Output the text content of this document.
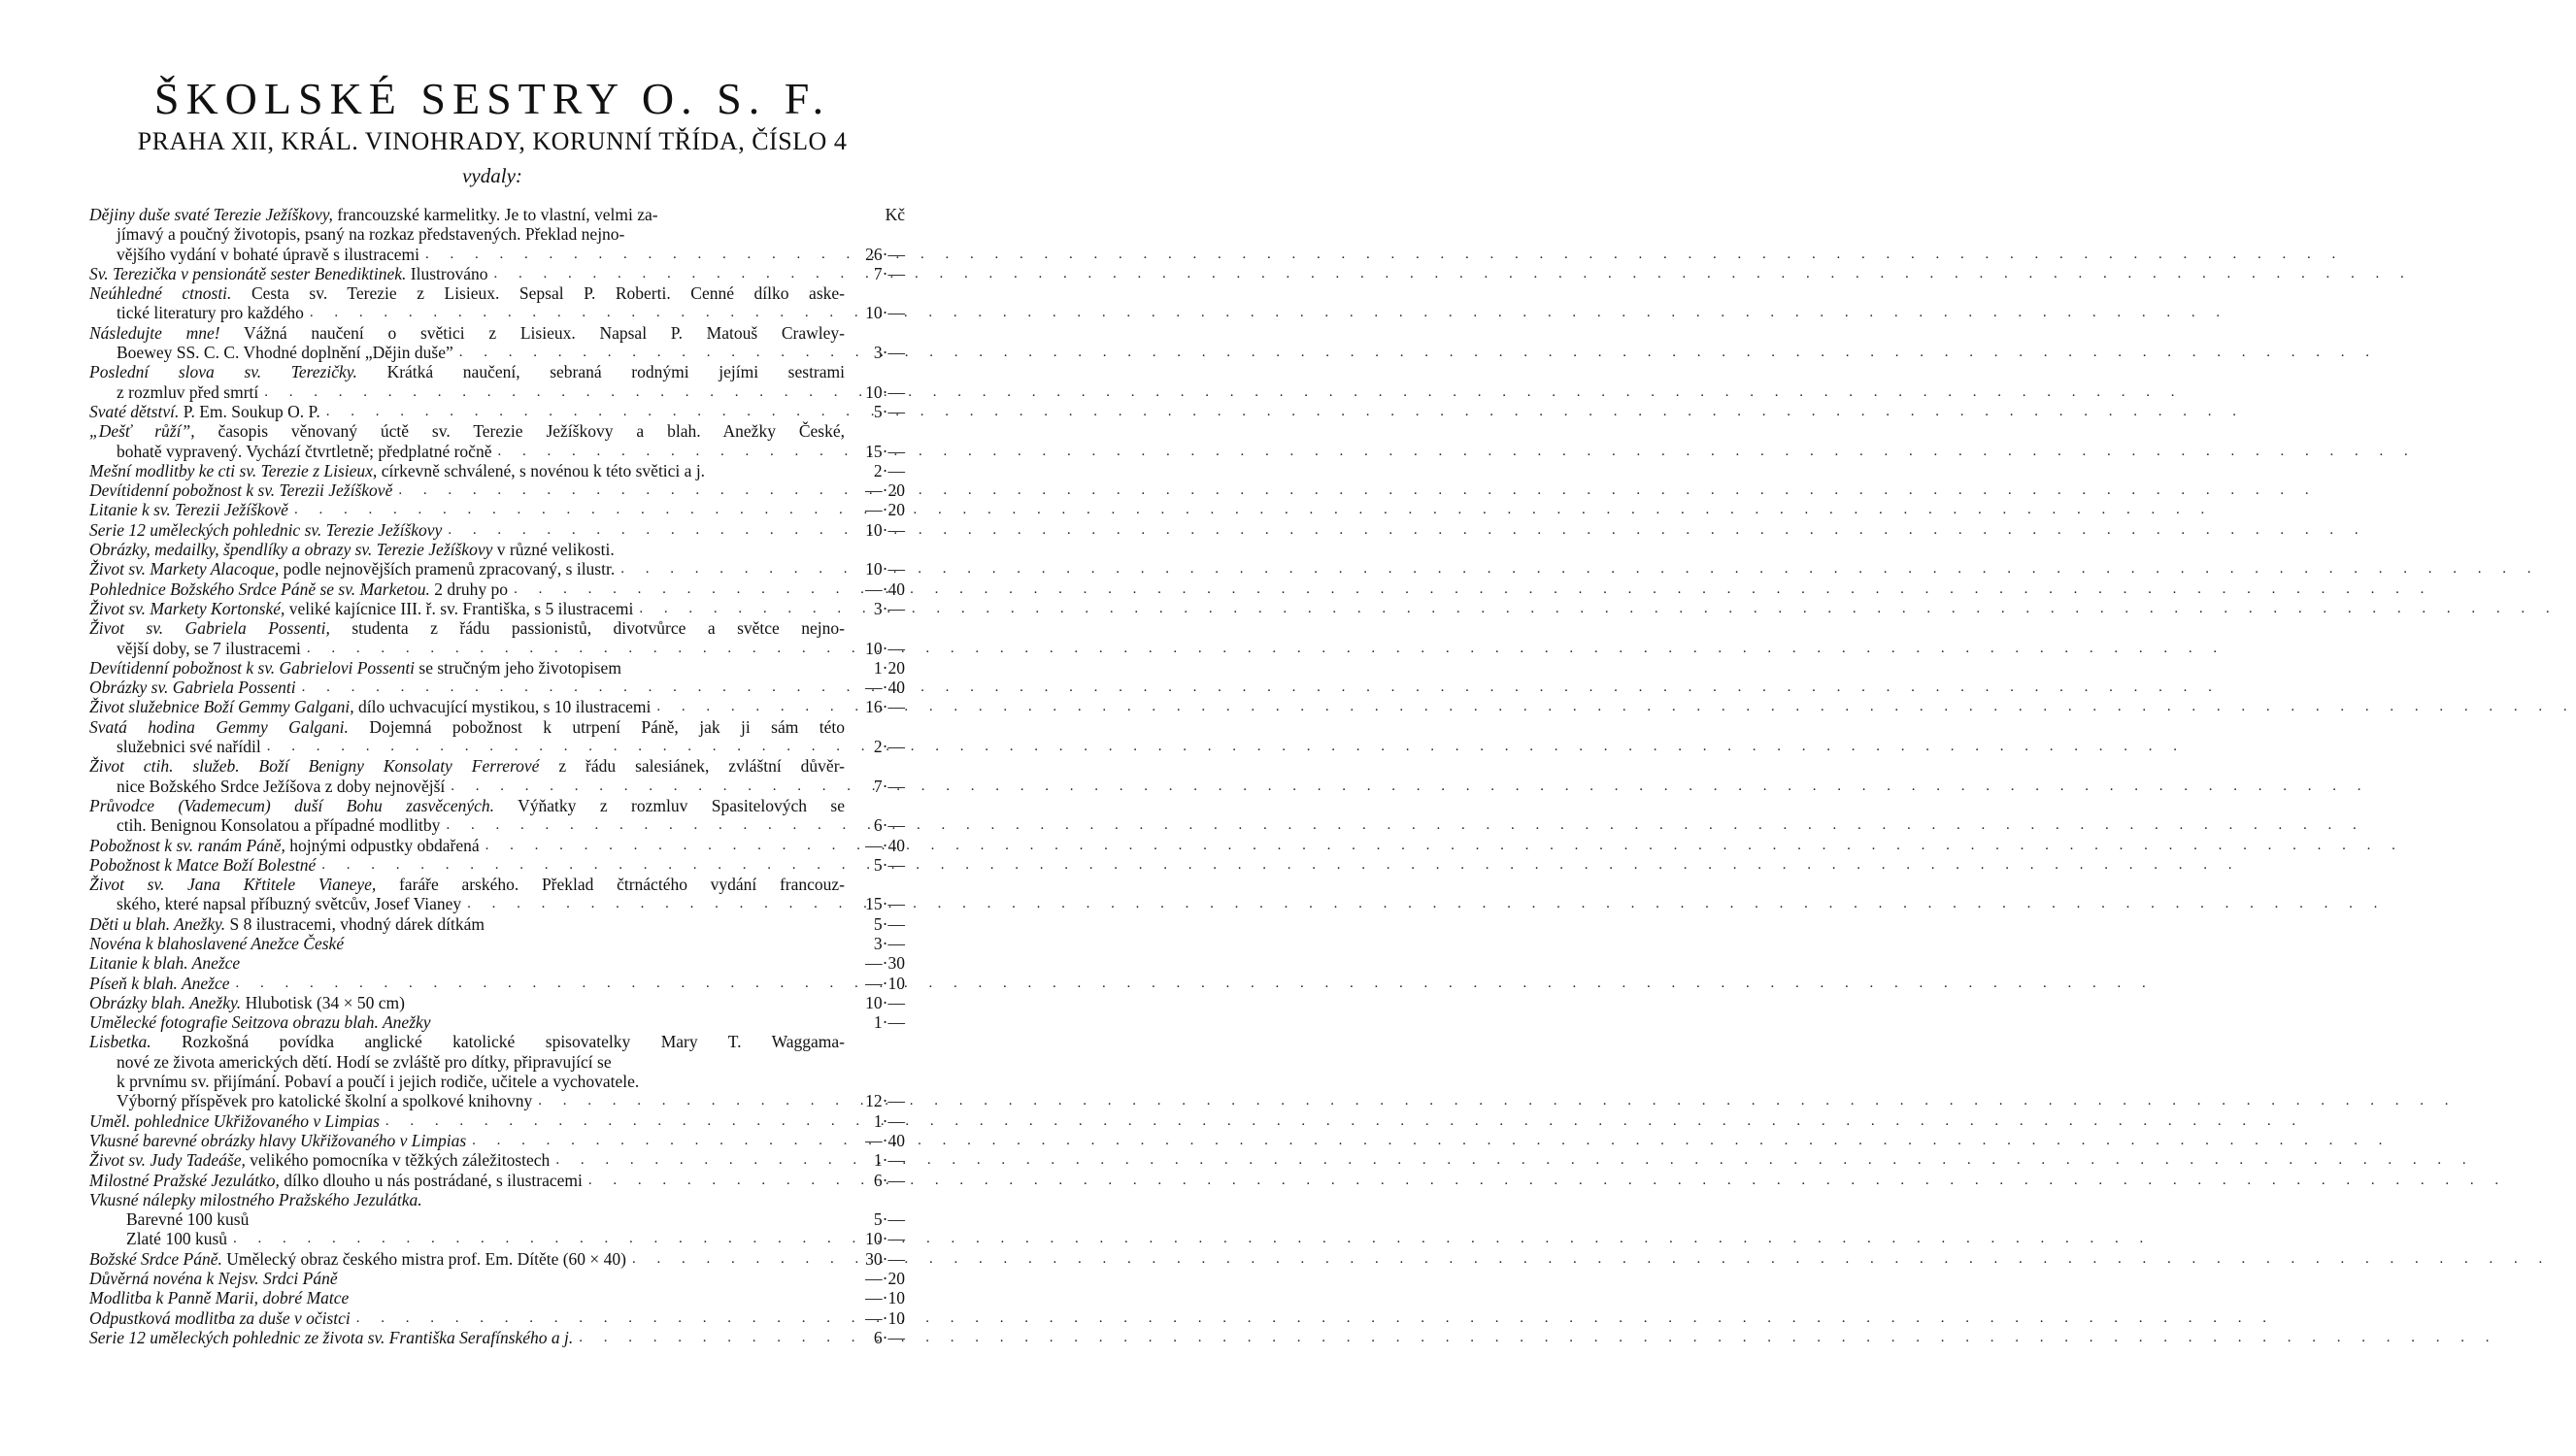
ŠKOLSKÉ SESTRY O. S. F.
PRAHA XII, KRÁL. VINOHRADY, KORUNNÍ TŘÍDA, ČÍSLO 4
vydaly:
Dějiny duše svaté Terezie Ježíškovy, francouzské karmelitky. Je to vlastní, velmi za-	Kč
jímavý a poučný životopis, psaný na rozkaz představených. Překlad nejno-
vějšího vydání v bohaté úpravě s ilustracemi . . .	26·—
Sv. Terezička v pensionátě sester Benediktinek. Ilustrováno . . .	7·—
Neúhledné ctnosti. Cesta sv. Terezie z Lisieux. Sepsal P. Roberti. Cenné dílko aske-
tické literatury pro každého . . .	10·—
Následujte mne! Vážná naučení o světici z Lisieux. Napsal P. Matouš Crawley-
Boewey SS. C. C. Vhodné doplnění „Dějin duše” . . .	3·—
Poslední slova sv. Terezičky. Krátká naučení, sebraná rodnými jejími sestrami
z rozmluv před smrtí . . .	10·—
Svaté dětství. P. Em. Soukup O. P. . . .	5·—
„Dešť růží”, časopis věnovaný úctě sv. Terezie Ježíškovy a blah. Anežky České,
bohatě vypravený. Vychází čtvrtletně; předplatné ročně . . .	15·—
Mešní modlitby ke cti sv. Terezie z Lisieux, církevně schválené, s novénou k této světici a j.	2·—
Devítidenní pobožnost k sv. Terezii Ježíškově . . .	—·20
Litanie k sv. Terezii Ježíškově . . .	—·20
Serie 12 uměleckých pohlednic sv. Terezie Ježíškovy . . .	10·—
Obrázky, medailky, špendlíky a obrazy sv. Terezie Ježíškovy v různé velikosti.
Život sv. Markety Alacoque, podle nejnovějších pramenů zpracovaný, s ilustr. . . .	10·—
Pohlednice Božského Srdce Páně se sv. Marketou. 2 druhy po . . .	—·40
Život sv. Markety Kortonské, veliké kajícnice III. ř. sv. Františka, s 5 ilustracemi . . .	3·—
Život sv. Gabriela Possenti, studenta z řádu passionistů, divotvůrce a světce nejno-
vější doby, se 7 ilustracemi . . .	10·—
Devítidenní pobožnost k sv. Gabrielovi Possenti se stručným jeho životopisem	1·20
Obrázky sv. Gabriela Possenti . . .	—·40
Život služebnice Boží Gemmy Galgani, dílo uchvacující mystikou, s 10 ilustracemi . . .	16·—
Svatá hodina Gemmy Galgani. Dojemná pobožnost k utrpení Páně, jak ji sám této
služebnici své nařídil . . .	2·—
Život ctih. služeb. Boží Benigny Konsolaty Ferrerové z řádu salesiánek, zvláštní důvěr-
nice Božského Srdce Ježíšova z doby nejnovější . . .	7·—
Průvodce (Vademecum) duší Bohu zasvěcených. Výňatky z rozmluv Spasitelových se
ctih. Benignou Konsolatou a případné modlitby . . .	6·—
Pobožnost k sv. ranám Páně, hojnými odpustky obdařená . . .	—·40
Pobožnost k Matce Boží Bolestné . . .	5·—
Život sv. Jana Křtitele Vianeye, faráře arského. Překlad čtrnáctého vydání francouz-
ského, které napsal příbuzný světcův, Josef Vianey . . .	15·—
Děti u blah. Anežky. S 8 ilustracemi, vhodný dárek dítkám	5·—
Novéna k blahoslavené Anežce České	3·—
Litanie k blah. Anežce	—·30
Píseň k blah. Anežce . . .	—·10
Obrázky blah. Anežky. Hlubotisk (34 × 50 cm)	10·—
Umělecké fotografie Seitzova obrazu blah. Anežky	1·—
Lisbetka. Rozkošná povídka anglické katolické spisovatelky Mary T. Waggama-
nové ze života amerických dětí. Hodí se zvláště pro dítky, připravující se
k prvnímu sv. přijímání. Pobaví a poučí i jejich rodiče, učitele a vychovatele.
Výborný příspěvek pro katolické školní a spolkové knihovny . . .	12·—
Uměl. pohlednice Ukřižovaného v Limpias . . .	1·—
Vkusné barevné obrázky hlavy Ukřižovaného v Limpias . . .	—·40
Život sv. Judy Tadeáše, velikého pomocníka v těžkých záležitostech . . .	1·—
Milostné Pražské Jezulátko, dílko dlouho u nás postrádané, s ilustracemi . . .	6·—
Vkusné nálepky milostného Pražského Jezulátka.
Barevné 100 kusů	5·—
Zlaté 100 kusů . . .	10·—
Božské Srdce Páně. Umělecký obraz českého mistra prof. Em. Dítěte (60 × 40) . . .	30·—
Důvěrná novéna k Nejsv. Srdci Páně	—·20
Modlitba k Panně Marii, dobré Matce	—·10
Odpustková modlitba za duše v očistci . . .	—·10
Serie 12 uměleckých pohlednic ze života sv. Františka Serafínského a j. . . .	6·—
